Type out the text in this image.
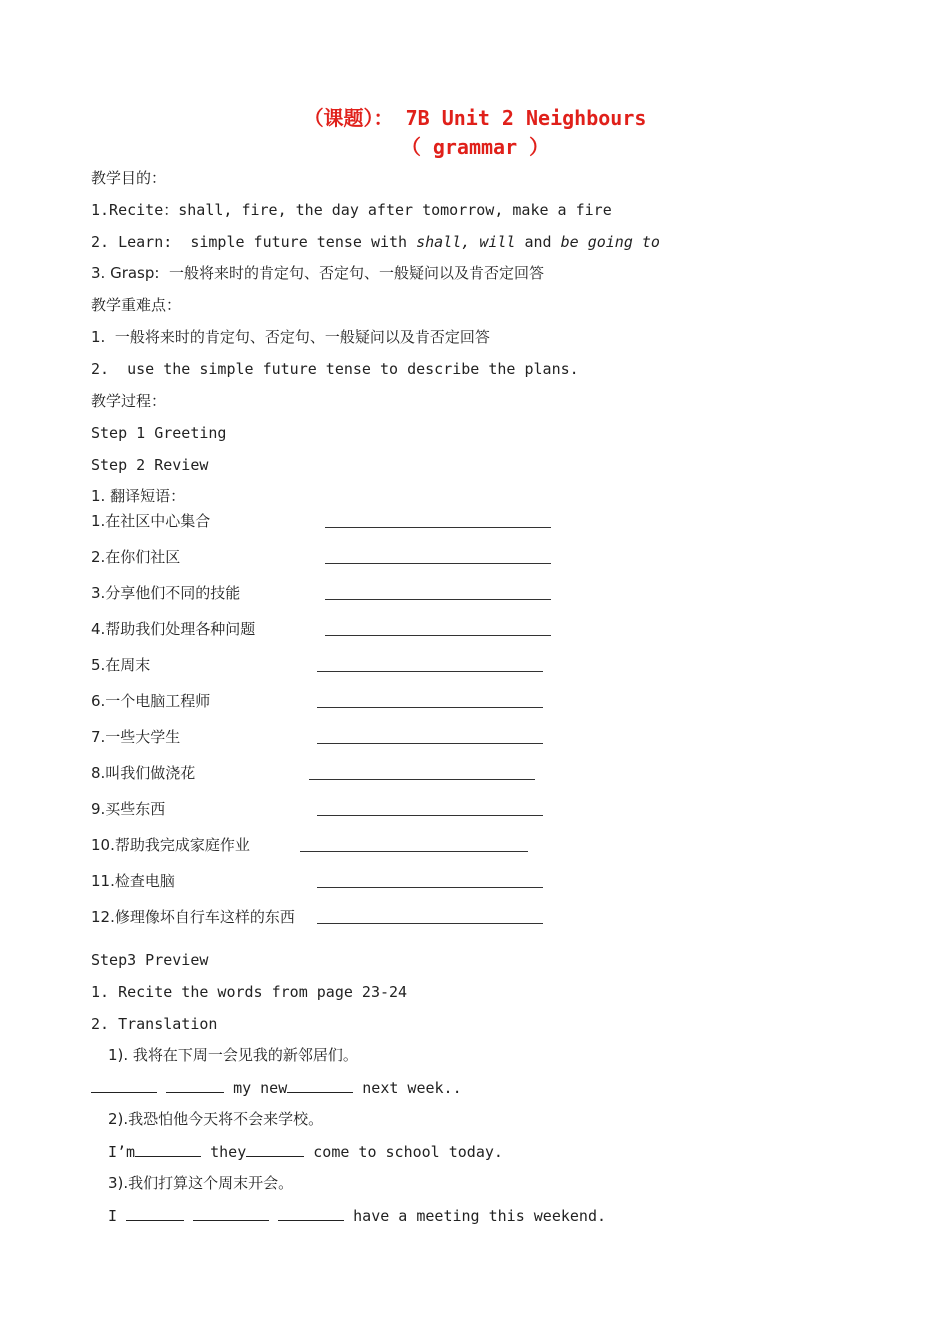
（课题）： 7B Unit 2 Neighbours
（ grammar ）
教学目的：
1.Recite：shall, fire, the day after tomorrow, make a fire
2. Learn:  simple future tense with shall, will and be going to
3. Grasp:  一般将来时的肯定句、否定句、一般疑问以及肯否定回答
教学重难点：
1.  一般将来时的肯定句、否定句、一般疑问以及肯否定回答
2.  use the simple future tense to describe the plans.
教学过程：
Step 1 Greeting
Step 2 Review
1. 翻译短语：
1.在社区中心集合
2.在你们社区
3.分享他们不同的技能
4.帮助我们处理各种问题
5.在周末
6.一个电脑工程师
7.一些大学生
8.叫我们做浇花
9.买些东西
10.帮助我完成家庭作业
11.检查电脑
12.修理像坏自行车这样的东西
Step3 Preview
1. Recite the words from page 23-24
2. Translation
1). 我将在下周一会见我的新邻居们。
my new	next week..
2).我恐怕他今天将不会来学校。
I’m	they	come to school today.
3).我们打算这个周末开会。
I	have a meeting this weekend.
